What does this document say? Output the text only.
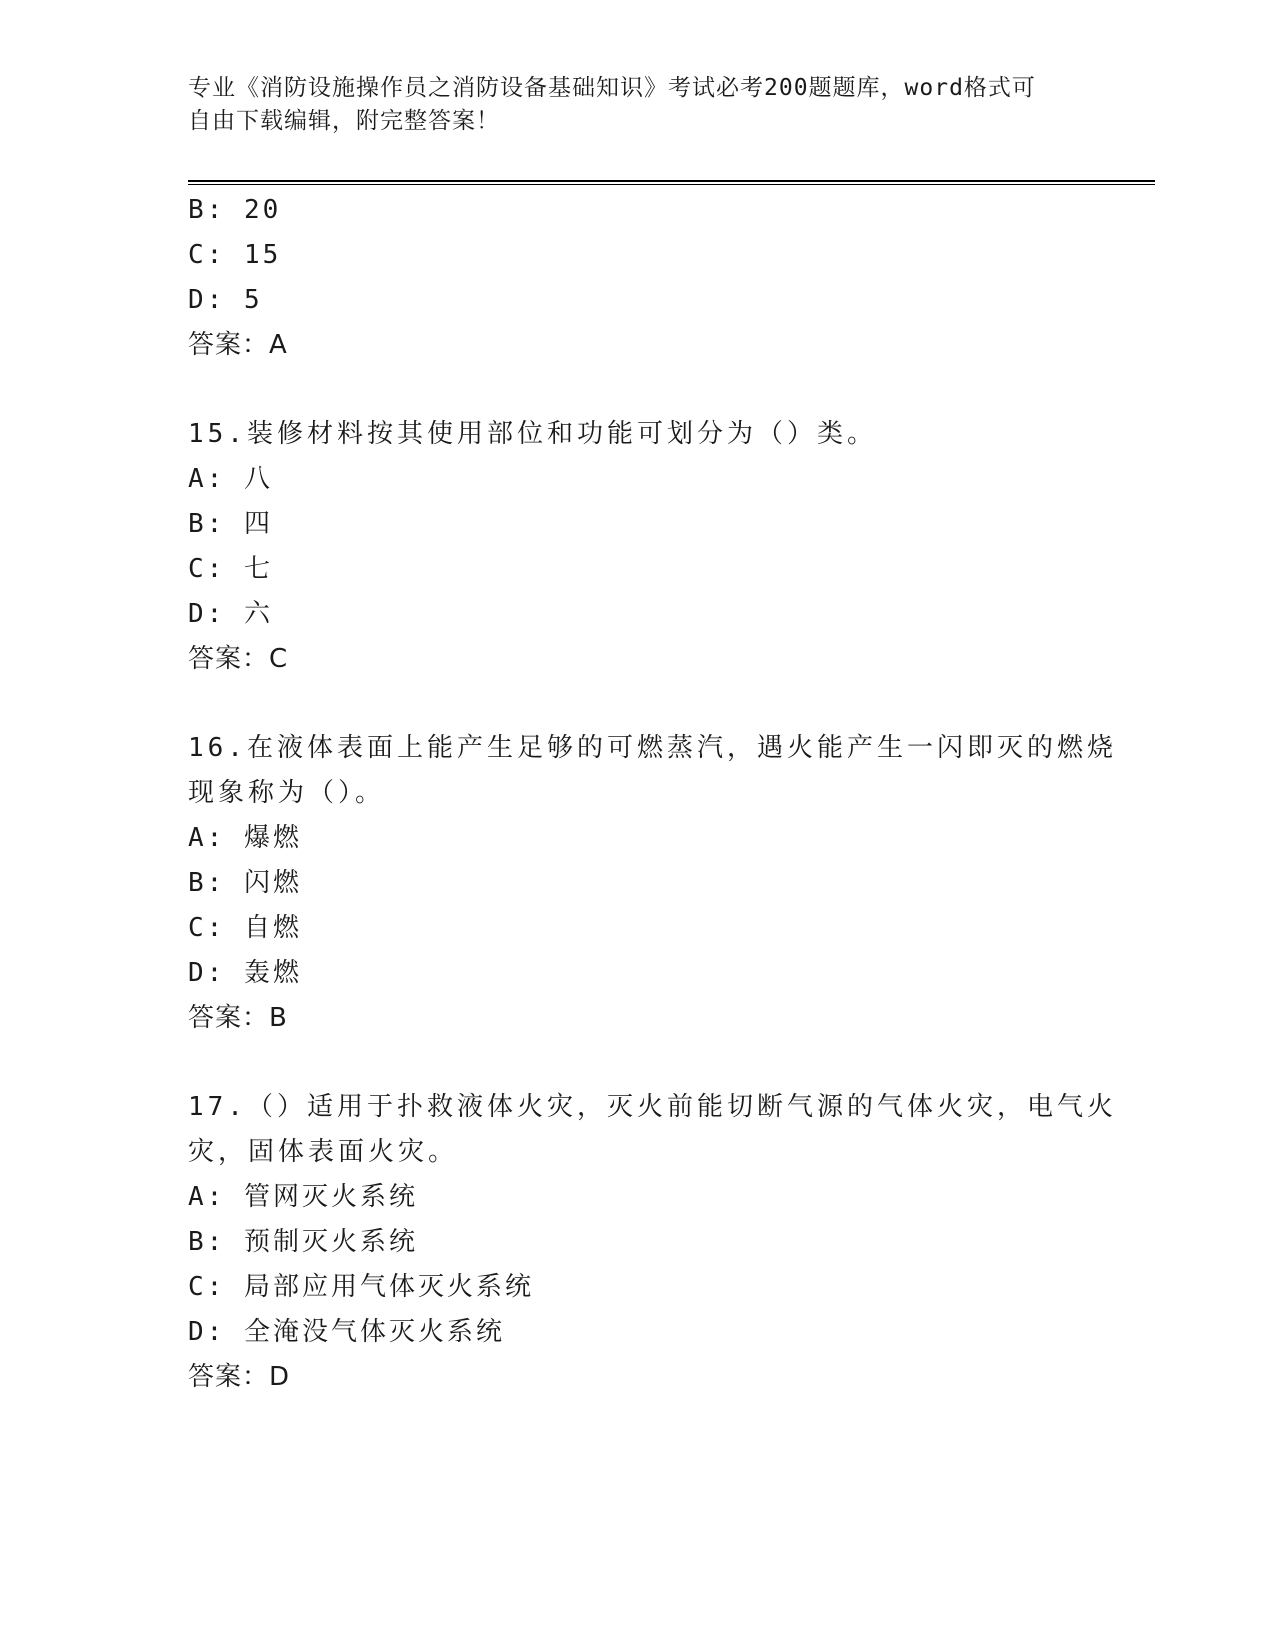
专业《消防设施操作员之消防设备基础知识》考试必考200题题库，word格式可
自由下载编辑，附完整答案！
B: 20
C: 15
D: 5
答案：A
15.装修材料按其使用部位和功能可划分为（）类。
A: 八
B: 四
C: 七
D: 六
答案：C
16.在液体表面上能产生足够的可燃蒸汽，遇火能产生一闪即灭的燃烧
现象称为（）。
A: 爆燃
B: 闪燃
C: 自燃
D: 轰燃
答案：B
17.（）适用于扑救液体火灾，灭火前能切断气源的气体火灾，电气火
灾，固体表面火灾。
A: 管网灭火系统
B: 预制灭火系统
C: 局部应用气体灭火系统
D: 全淹没气体灭火系统
答案：D
